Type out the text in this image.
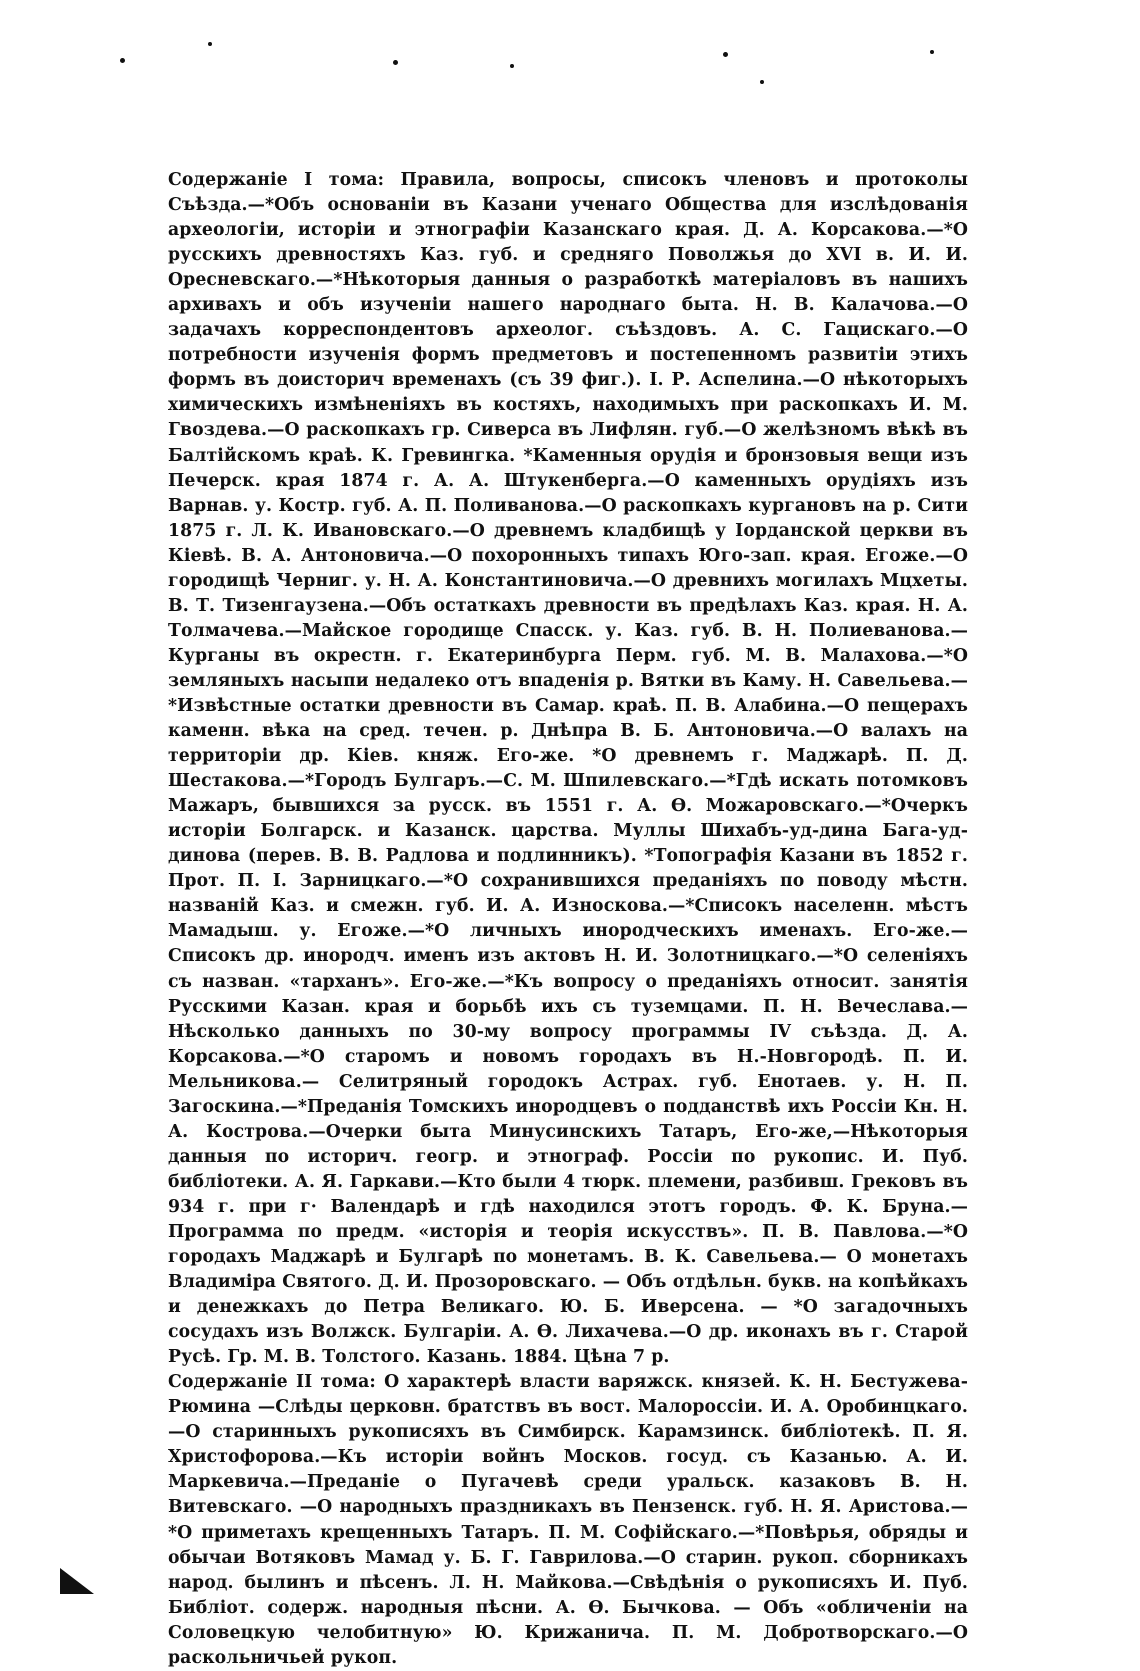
Содержаніе I тома: Правила, вопросы, списокъ членовъ и протоколы Съѣзда.—*Объ основаніи въ Казани ученаго Общества для изслѣдованія археологіи, исторіи и этнографіи Казанскаго края. Д. А. Корсакова.—*О русскихъ древностяхъ Каз. губ. и средняго Поволжья до XVI в. И. И. Оресневскаго.—*Нѣкоторыя данныя о разработкѣ матеріаловъ въ нашихъ архивахъ и объ изученіи нашего народнаго быта. Н. В. Калачова.—О задачахъ корреспондентовъ археолог. съѣздовъ. А. С. Гацискаго.—О потребности изученія формъ предметовъ и постепенномъ развитіи этихъ формъ въ доисторич временахъ (съ 39 фиг.). I. Р. Аспелина.—О нѣкоторыхъ химическихъ измѣненіяхъ въ костяхъ, находимыхъ при раскопкахъ И. М. Гвоздева.—О раскопкахъ гр. Сиверса въ Лифлян. губ.—О желѣзномъ вѣкѣ въ Балтійскомъ краѣ. К. Гревингка. *Каменныя орудія и бронзовыя вещи изъ Печерск. края 1874 г. А. А. Штукенберга.—О каменныхъ орудіяхъ изъ Варнав. у. Костр. губ. А. П. Поливанова.—О раскопкахъ кургановъ на р. Сити 1875 г. Л. К. Ивановскаго.—О древнемъ кладбищѣ у Іорданской церкви въ Кіевѣ. В. А. Антоновича.—О похоронныхъ типахъ Юго-зап. края. Егоже.—О городищѣ Черниг. у. Н. А. Константиновича.—О древнихъ могилахъ Мцхеты. В. Т. Тизенгаузена.—Объ остаткахъ древности въ предѣлахъ Каз. края. Н. А. Толмачева.—Майское городище Спасск. у. Каз. губ. В. Н. Полиеванова.—Курганы въ окрестн. г. Екатеринбурга Перм. губ. М. В. Малахова.—*О земляныхъ насыпи недалеко отъ впаденія р. Вятки въ Каму. Н. Савельева.—*Извѣстные остатки древности въ Самар. краѣ. П. В. Алабина.—О пещерахъ каменн. вѣка на сред. течен. р. Днѣпра В. Б. Антоновича.—О валахъ на территоріи др. Кіев. княж. Его-же. *О древнемъ г. Маджарѣ. П. Д. Шестакова.—*Городъ Булгаръ.—С. М. Шпилевскаго.—*Гдѣ искать потомковъ Мажаръ, бывшихся за русск. въ 1551 г. А. Ѳ. Можаровскаго.—*Очеркъ исторіи Болгарск. и Казанск. царства. Муллы Шихабъ-уд-дина Бага-уд-динова (перев. В. В. Радлова и подлинникъ). *Топографія Казани въ 1852 г. Прот. П. I. Зарницкаго.—*О сохранившихся преданіяхъ по поводу мѣстн. названій Каз. и смежн. губ. И. А. Износкова.—*Списокъ населенн. мѣстъ Мамадыш. у. Егоже.—*О личныхъ инородческихъ именахъ. Его-же.— Списокъ др. инородч. именъ изъ актовъ Н. И. Золотницкаго.—*О селеніяхъ съ назван. «тарханъ». Его-же.—*Къ вопросу о преданіяхъ относит. занятія Русскими Казан. края и борьбѣ ихъ съ туземцами. П. Н. Вечеслава.—Нѣсколько данныхъ по 30-му вопросу программы IV съѣзда. Д. А. Корсакова.—*О старомъ и новомъ городахъ въ Н.-Новгородѣ. П. И. Мельникова.— Селитряный городокъ Астрах. губ. Енотаев. у. Н. П. Загоскина.—*Преданія Томскихъ инородцевъ о подданствѣ ихъ Россіи Кн. Н. А. Кострова.—Очерки быта Минусинскихъ Татаръ, Его-же,—Нѣкоторыя данныя по историч. геогр. и этнограф. Россіи по рукопис. И. Пуб. библіотеки. А. Я. Гаркави.—Кто были 4 тюрк. племени, разбивш. Грековъ въ 934 г. при г· Валендарѣ и гдѣ находился этотъ городъ. Ф. К. Бруна.—Программа по предм. «исторія и теорія искусствъ». П. В. Павлова.—*О городахъ Маджарѣ и Булгарѣ по монетамъ. В. К. Савельева.— О монетахъ Владиміра Святого. Д. И. Прозоровскаго. — Объ отдѣльн. букв. на копѣйкахъ и денежкахъ до Петра Великаго. Ю. Б. Иверсена. — *О загадочныхъ сосудахъ изъ Волжск. Булгаріи. А. Ѳ. Лихачева.—О др. иконахъ въ г. Старой Русѣ. Гр. М. В. Толстого. Казань. 1884. Цѣна 7 р.

Содержаніе II тома: О характерѣ власти варяжск. князей. К. Н. Бестужева-Рюмина —Слѣды церковн. братствъ въ вост. Малороссіи. И. А. Оробинцкаго.—О старинныхъ рукописяхъ въ Симбирск. Карамзинск. библіотекѣ. П. Я. Христофорова.—Къ исторіи войнъ Москов. госуд. съ Казанью. А. И. Маркевича.—Преданіе о Пугачевѣ среди уральск. казаковъ В. Н. Витевскаго. —О народныхъ праздникахъ въ Пензенск. губ. Н. Я. Аристова.—*О приметахъ крещенныхъ Татаръ. П. М. Софійскаго.—*Повѣрья, обряды и обычаи Вотяковъ Мамад у. Б. Г. Гаврилова.—О старин. рукоп. сборникахъ народ. былинъ и пѣсенъ. Л. Н. Майкова.—Свѣдѣнія о рукописяхъ И. Пуб. Библіот. содерж. народныя пѣсни. А. Ѳ. Бычкова. — Объ «обличеніи на Соловецкую челобитную» Ю. Крижанича. П. М. Добротворскаго.—О раскольничьей рукоп.
